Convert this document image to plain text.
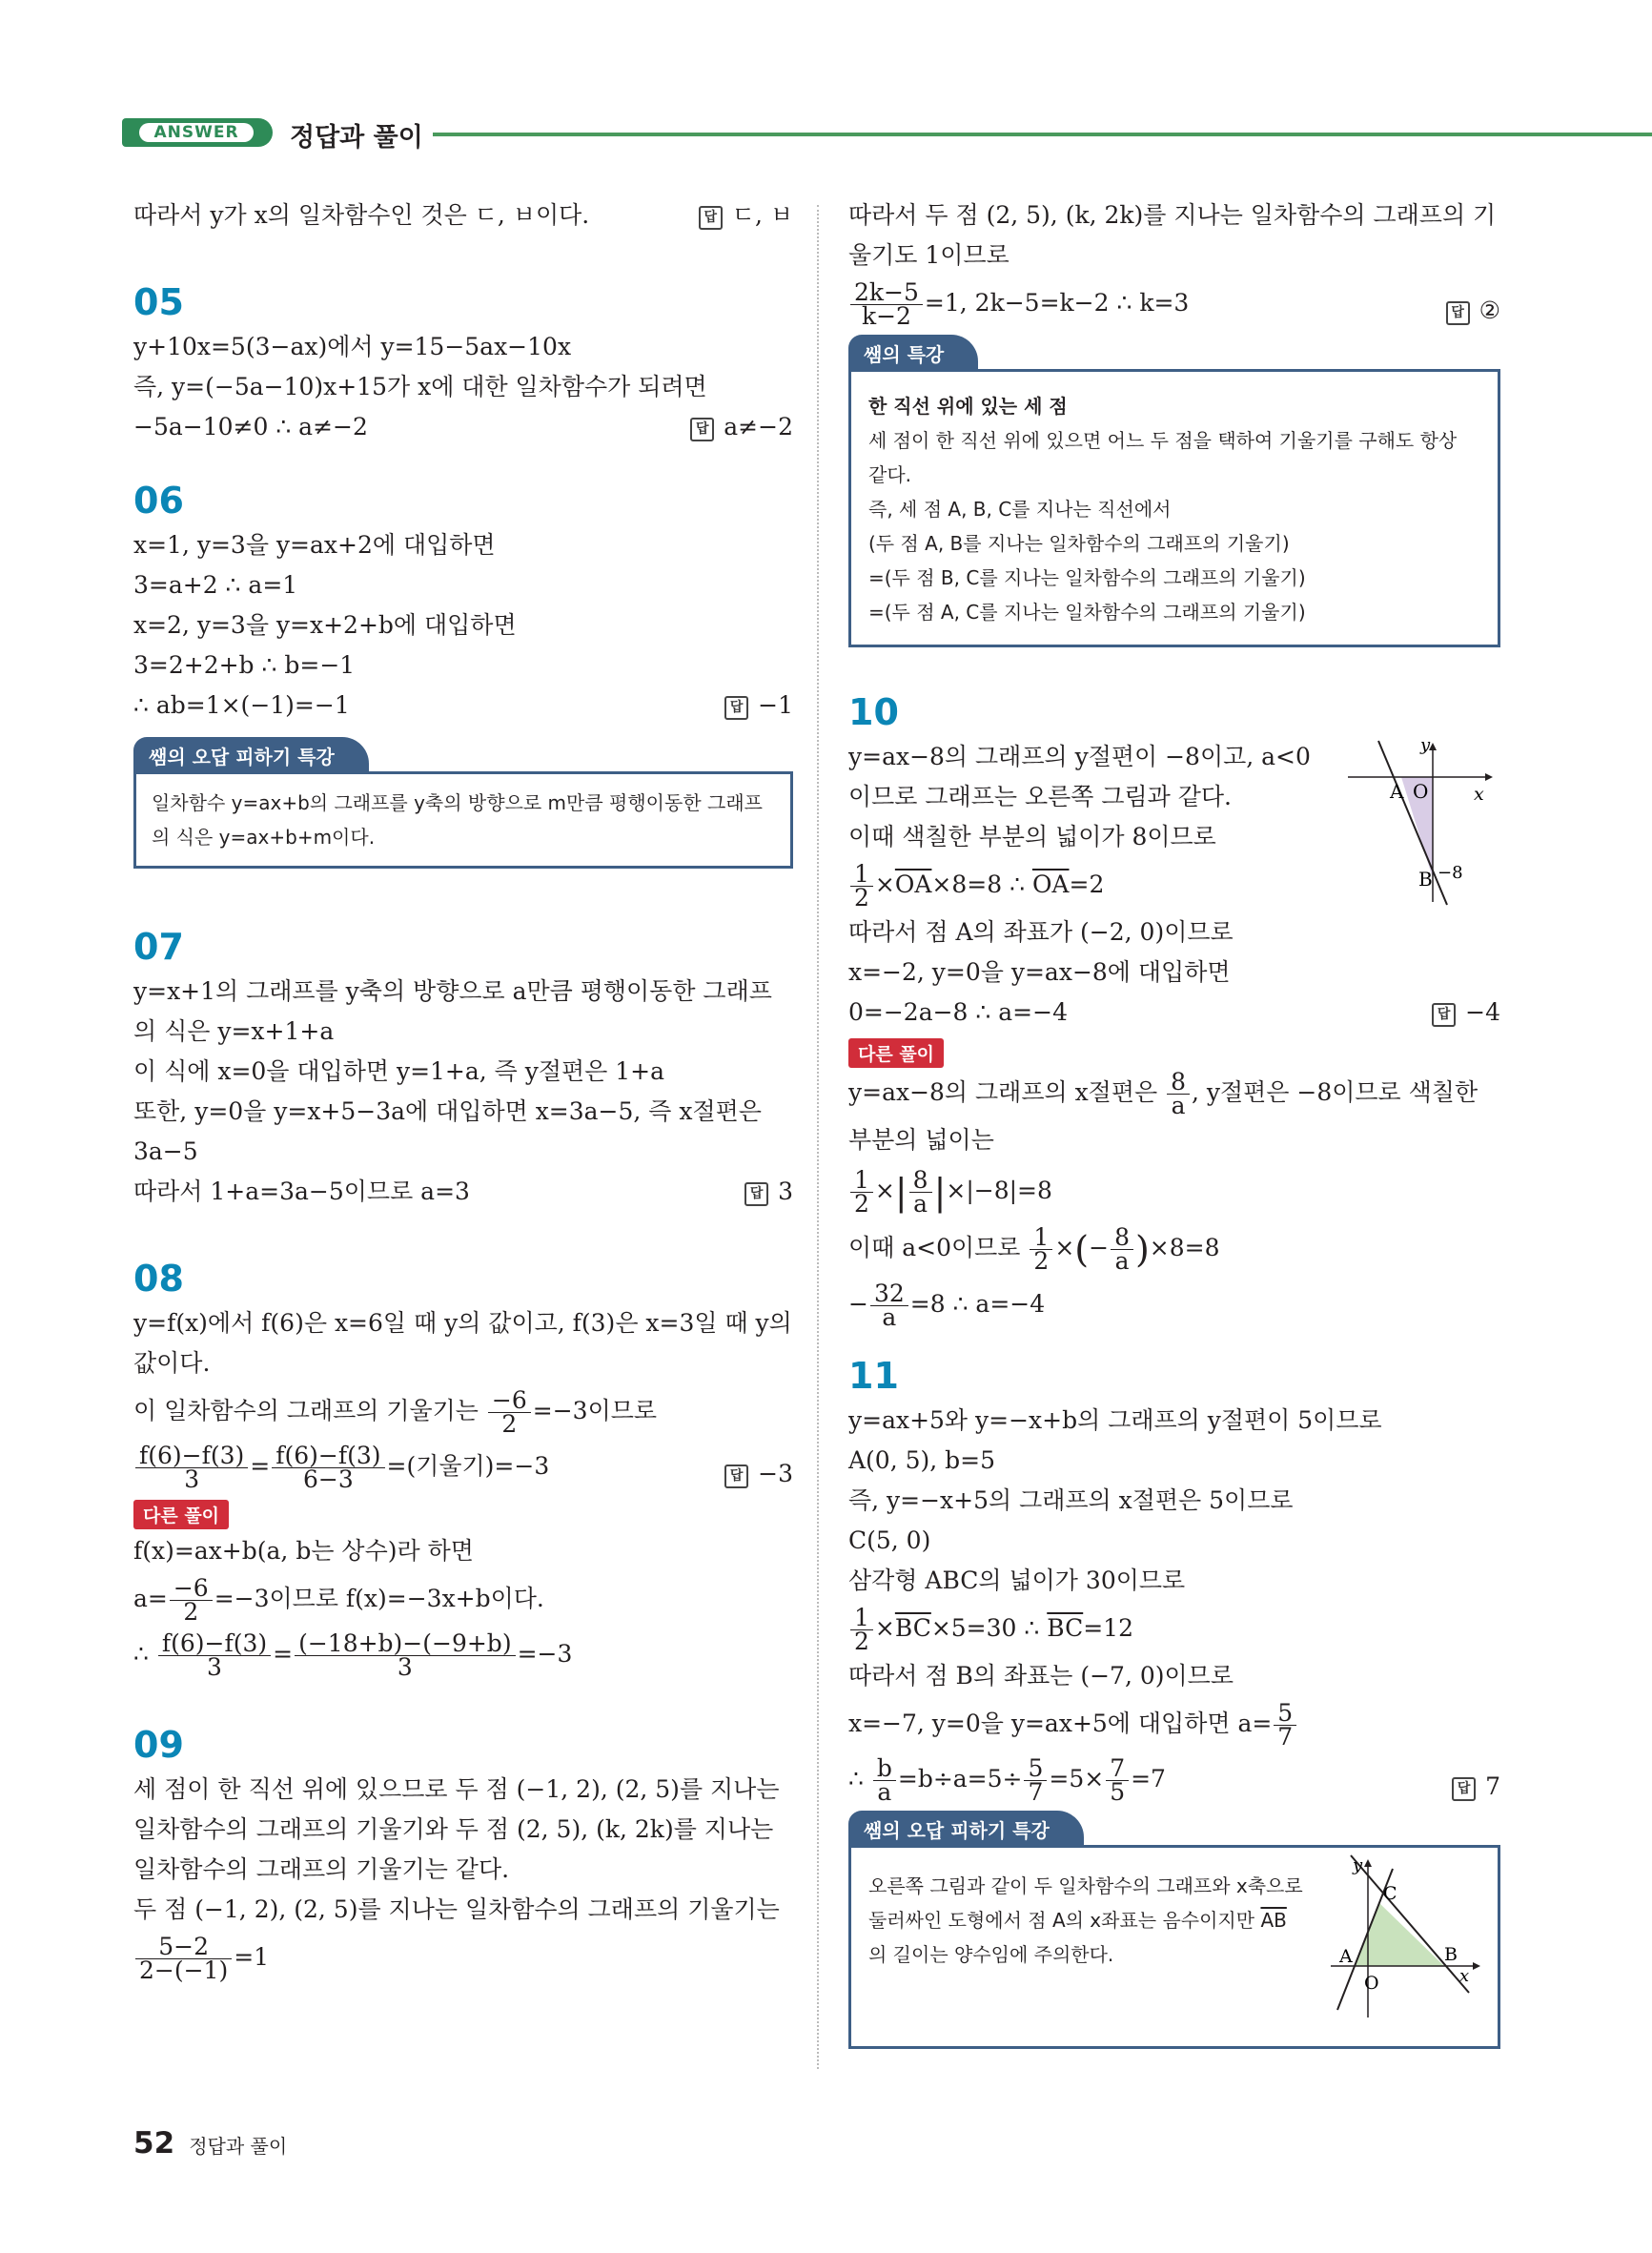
ANSWER	정답과 풀이
따라서 y가 x의 일차함수인 것은 ㄷ, ㅂ이다.	답 ㄷ, ㅂ
05
y+10x=5(3−ax)에서 y=15−5ax−10x
즉, y=(−5a−10)x+15가 x에 대한 일차함수가 되려면
−5a−10≠0 ∴ a≠−2	답 a≠−2
06
x=1, y=3을 y=ax+2에 대입하면
3=a+2 ∴ a=1
x=2, y=3을 y=x+2+b에 대입하면
3=2+2+b ∴ b=−1
∴ ab=1×(−1)=−1	답 −1
쌤의 오답 피하기 특강
일차함수 y=ax+b의 그래프를 y축의 방향으로 m만큼 평행이동한 그래프의 식은 y=ax+b+m이다.
07
y=x+1의 그래프를 y축의 방향으로 a만큼 평행이동한 그래프의 식은 y=x+1+a
이 식에 x=0을 대입하면 y=1+a, 즉 y절편은 1+a
또한, y=0을 y=x+5−3a에 대입하면 x=3a−5, 즉 x절편은 3a−5
따라서 1+a=3a−5이므로 a=3	답 3
08
y=f(x)에서 f(6)은 x=6일 때 y의 값이고, f(3)은 x=3일 때 y의 값이다.
이 일차함수의 그래프의 기울기는 $\frac{-6}{2} =-3$이므로
$\frac{f(6)-f(3)}{3} = \frac{f(6)-f(3)}{6-3}$ =(기울기)=−3	답 −3
다른 풀이
f(x)=ax+b(a, b는 상수)라 하면
$a= \frac{-6}{2} =-3$이므로 f(x)=−3x+b이다.
∴ $\frac{f(6)-f(3)}{3} = \frac{(-18+b)-(-9+b)}{3} =-3$
09
세 점이 한 직선 위에 있으므로 두 점 (−1, 2), (2, 5)를 지나는 일차함수의 그래프의 기울기와 두 점 (2, 5), (k, 2k)를 지나는 일차함수의 그래프의 기울기는 같다.
두 점 (−1, 2), (2, 5)를 지나는 일차함수의 그래프의 기울기는
$\frac{5-2}{2-(-1)} =1$
따라서 두 점 (2, 5), (k, 2k)를 지나는 일차함수의 그래프의 기울기도 1이므로
$\frac{2k-5}{k-2} =1$, 2k−5=k−2 ∴ k=3	답 ②
쌤의 특강
한 직선 위에 있는 세 점
세 점이 한 직선 위에 있으면 어느 두 점을 택하여 기울기를 구해도 항상 같다.
즉, 세 점 A, B, C를 지나는 직선에서
(두 점 A, B를 지나는 일차함수의 그래프의 기울기)
=(두 점 B, C를 지나는 일차함수의 그래프의 기울기)
=(두 점 A, C를 지나는 일차함수의 그래프의 기울기)
10
A O	x
y
B −8
y=ax−8의 그래프의 y절편이 −8이고, a<0
이므로 그래프는 오른쪽 그림과 같다.
이때 색칠한 부분의 넓이가 8이므로
$\frac{1}{2} \times\overline{OA}\times 8=8$ ∴ $\overline{OA}=2$
따라서 점 A의 좌표가 (−2, 0)이므로
x=−2, y=0을 y=ax−8에 대입하면
0=−2a−8 ∴ a=−4	답 −4
다른 풀이
y=ax−8의 그래프의 x절편은 $\frac{8}{a}$ , y절편은 −8이므로 색칠한 부분의 넓이는
$\frac{1}{2}$ ×| $\frac{8}{a} |\times|-8|=8$
이때 a<0이므로 $\frac{1}{2}$ ×(− $\frac{8}{a} )\times 8=8$
− $\frac{32}{a} =8$ ∴ a=−4
11
y=ax+5와 y=−x+b의 그래프의 y절편이 5이므로
A(0, 5), b=5
즉, y=−x+5의 그래프의 x절편은 5이므로
C(5, 0)
삼각형 ABC의 넓이가 30이므로
$\frac{1}{2} \times\overline{BC}\times 5=30$ ∴ $\overline{BC}=12$
따라서 점 B의 좌표는 (−7, 0)이므로
x=−7, y=0을 y=ax+5에 대입하면 $a= \frac{5}{7}$
∴ $\frac{b}{a} =b\div a=5\div \frac{5}{7} =5\times \frac{7}{5} =7$	답 7
쌤의 오답 피하기 특강
오른쪽 그림과 같이 두 일차함수의 그래프와 x축으로
둘러싸인 도형에서 점 A의 x좌표는 음수이지만 $\overline{AB}$
의 길이는 양수임에 주의한다.	A
C
B
O	x
y
52 정답과 풀이
